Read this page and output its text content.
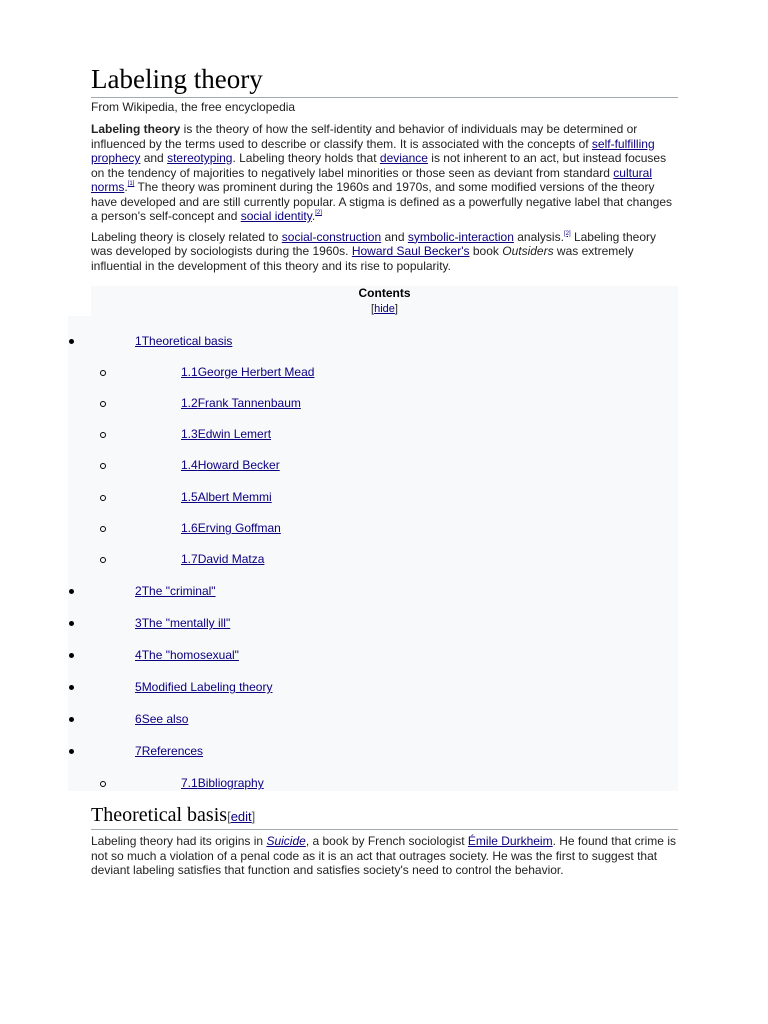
Labeling theory
From Wikipedia, the free encyclopedia

Labeling theory is the theory of how the self-identity and behavior of individuals may be determined or influenced by the terms used to describe or classify them. It is associated with the concepts of self-fulfilling prophecy and stereotyping. Labeling theory holds that deviance is not inherent to an act, but instead focuses on the tendency of majorities to negatively label minorities or those seen as deviant from standard cultural norms.[1] The theory was prominent during the 1960s and 1970s, and some modified versions of the theory have developed and are still currently popular. A stigma is defined as a powerfully negative label that changes a person's self-concept and social identity.[2]

Labeling theory is closely related to social-construction and symbolic-interaction analysis.[2] Labeling theory was developed by sociologists during the 1960s. Howard Saul Becker's book Outsiders was extremely influential in the development of this theory and its rise to popularity.

Contents
[hide]
1Theoretical basis
1.1George Herbert Mead
1.2Frank Tannenbaum
1.3Edwin Lemert
1.4Howard Becker
1.5Albert Memmi
1.6Erving Goffman
1.7David Matza
2The "criminal"
3The "mentally ill"
4The "homosexual"
5Modified Labeling theory
6See also
7References
7.1Bibliography
Theoretical basis[edit]

Labeling theory had its origins in Suicide, a book by French sociologist Émile Durkheim. He found that crime is not so much a violation of a penal code as it is an act that outrages society. He was the first to suggest that deviant labeling satisfies that function and satisfies society's need to control the behavior.
